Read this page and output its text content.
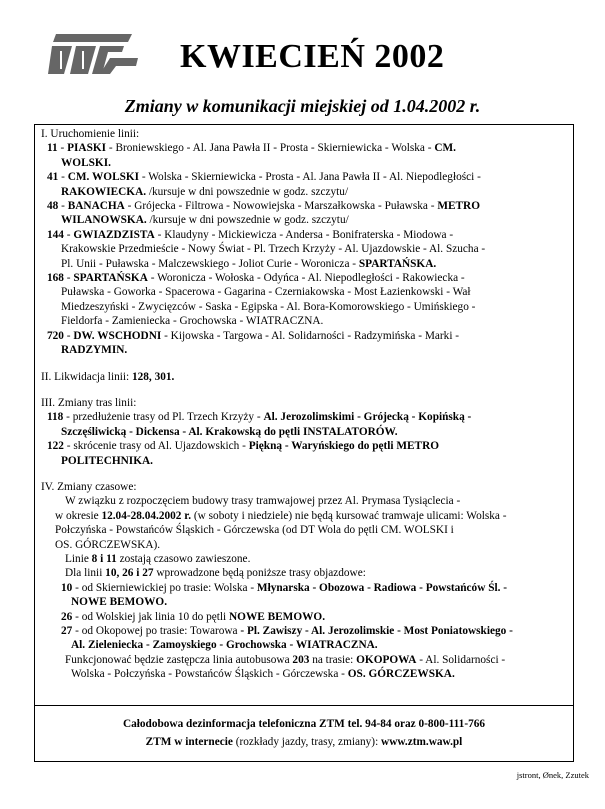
t	KWIECIEŃ 2002
Zmiany w komunikacji miejskiej od 1.04.2002 r.
I. Uruchomienie linii:
11 - PIASKI - Broniewskiego - Al. Jana Pawła II - Prosta - Skierniewicka - Wolska - CM.
WOLSKI.
41 - CM. WOLSKI - Wolska - Skierniewicka - Prosta - Al. Jana Pawła II - Al. Niepodległości -
RAKOWIECKA. /kursuje w dni powszednie w godz. szczytu/
48 - BANACHA - Grójecka - Filtrowa - Nowowiejska - Marszałkowska - Puławska - METRO
WILANOWSKA. /kursuje w dni powszednie w godz. szczytu/
144 - GWIAZDZISTA - Klaudyny - Mickiewicza - Andersa - Bonifraterska - Miodowa -
Krakowskie Przedmieście - Nowy Świat - Pl. Trzech Krzyży - Al. Ujazdowskie - Al. Szucha -
Pl. Unii - Puławska - Malczewskiego - Joliot Curie - Woronicza - SPARTAŃSKA.
168 - SPARTAŃSKA - Woronicza - Wołoska - Odyńca - Al. Niepodległości - Rakowiecka -
Puławska - Goworka - Spacerowa - Gagarina - Czerniakowska - Most Łazienkowski - Wał
Miedzeszyński - Zwycięzców - Saska - Egipska - Al. Bora-Komorowskiego - Umińskiego -
Fieldorfa - Zamieniecka - Grochowska - WIATRACZNA.
720 - DW. WSCHODNI - Kijowska - Targowa - Al. Solidarności - Radzymińska - Marki -
RADZYMIN.
II. Likwidacja linii: 128, 301.
III. Zmiany tras linii:
118 - przedłużenie trasy od Pl. Trzech Krzyży - Al. Jerozolimskimi - Grójecką - Kopińską -
Szczęśliwicką - Dickensa - Al. Krakowską do pętli INSTALATORÓW.
122 - skrócenie trasy od Al. Ujazdowskich - Piękną - Waryńskiego do pętli METRO
POLITECHNIKA.
IV. Zmiany czasowe:
W związku z rozpoczęciem budowy trasy tramwajowej przez Al. Prymasa Tysiąclecia -
w okresie 12.04-28.04.2002 r. (w soboty i niedziele) nie będą kursować tramwaje ulicami: Wolska -
Połczyńska - Powstańców Śląskich - Górczewska (od DT Wola do pętli CM. WOLSKI i
OS. GÓRCZEWSKA).
Linie 8 i 11 zostają czasowo zawieszone.
Dla linii 10, 26 i 27 wprowadzone będą poniższe trasy objazdowe:
10 - od Skierniewickiej po trasie: Wolska - Młynarska - Obozowa - Radiowa - Powstańców Śl. -
NOWE BEMOWO.
26 - od Wolskiej jak linia 10 do pętli NOWE BEMOWO.
27 - od Okopowej po trasie: Towarowa - Pl. Zawiszy - Al. Jerozolimskie - Most Poniatowskiego -
Al. Zieleniecka - Zamoyskiego - Grochowska - WIATRACZNA.
Funkcjonować będzie zastępcza linia autobusowa 203 na trasie: OKOPOWA - Al. Solidarności -
Wolska - Połczyńska - Powstańców Śląskich - Górczewska - OS. GÓRCZEWSKA.
Całodobowa dezinformacja telefoniczna ZTM tel. 94-84 oraz 0-800-111-766
ZTM w internecie (rozkłady jazdy, trasy, zmiany): www.ztm.waw.pl
jstront, Ønek, Zzutek
